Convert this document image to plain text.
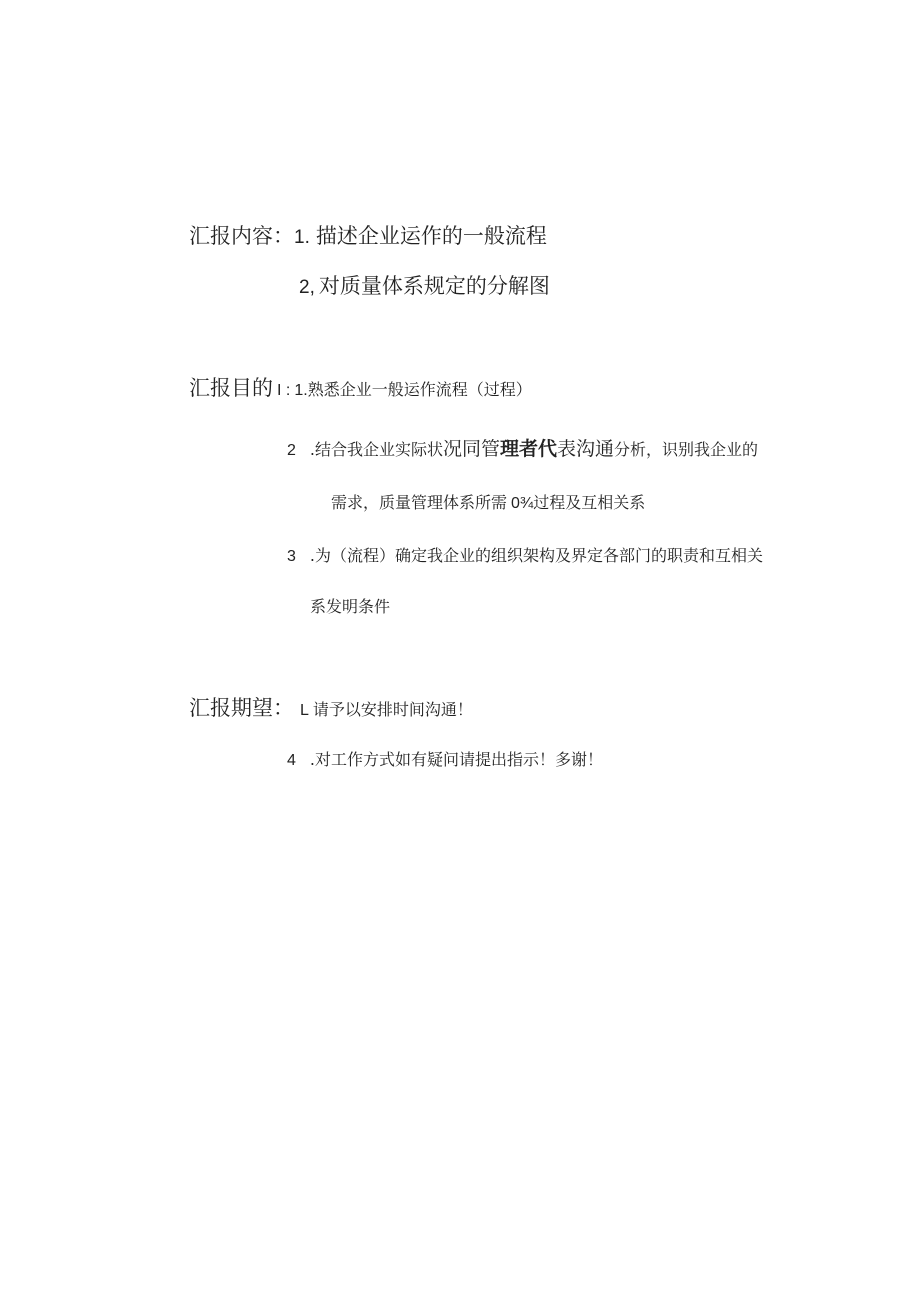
汇报内容：1. 描述企业运作的一般流程
2, 对质量体系规定的分解图
汇报目的 I : 1.熟悉企业一般运作流程（过程）
2 .结合我企业实际状况同管理者代表沟通分析，识别我企业的
需求，质量管理体系所需 0¾过程及互相关系
3 .为（流程）确定我企业的组织架构及界定各部门的职责和互相关
系发明条件
汇报期望： L 请予以安排时间沟通！
4 .对工作方式如有疑问请提出指示！多谢！
